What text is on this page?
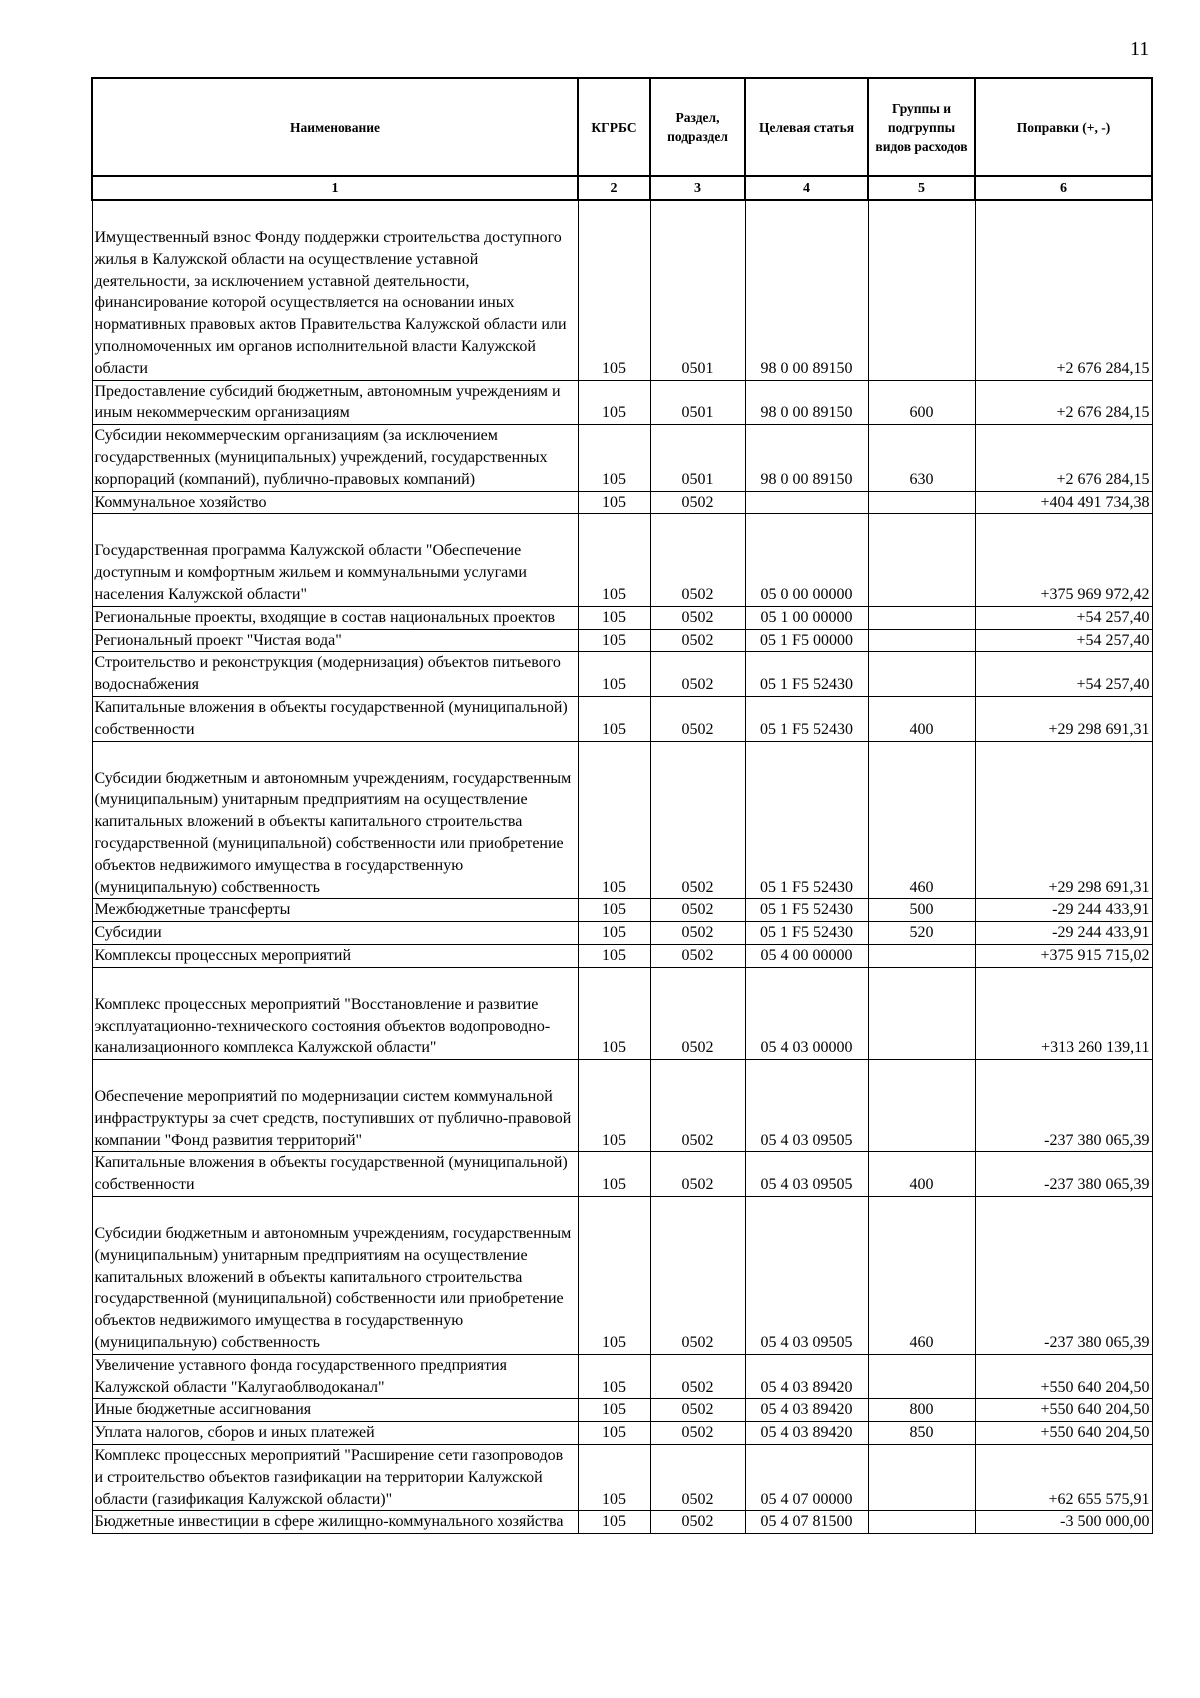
11
Наименование	КГРБС	Раздел, подраздел	Целевая статья	Группы и подгруппы видов расходов	Поправки (+, -)
1	2	3	4	5	6
Имущественный взнос Фонду поддержки строительства доступного жилья в Калужской области на осуществление уставной деятельности, за исключением уставной деятельности, финансирование которой осуществляется на основании иных нормативных правовых актов Правительства Калужской области или уполномоченных им органов исполнительной власти Калужской области	105	0501	98 0 00 89150		+2 676 284,15
Предоставление субсидий бюджетным, автономным учреждениям и иным некоммерческим организациям	105	0501	98 0 00 89150	600	+2 676 284,15
Субсидии некоммерческим организациям (за исключением государственных (муниципальных) учреждений, государственных корпораций (компаний), публично-правовых компаний)	105	0501	98 0 00 89150	630	+2 676 284,15
Коммунальное хозяйство	105	0502			+404 491 734,38
Государственная программа Калужской области "Обеспечение доступным и комфортным жильем и коммунальными услугами населения Калужской области"	105	0502	05 0 00 00000		+375 969 972,42
Региональные проекты, входящие в состав национальных проектов	105	0502	05 1 00 00000		+54 257,40
Региональный проект "Чистая вода"	105	0502	05 1 F5 00000		+54 257,40
Строительство и реконструкция (модернизация) объектов питьевого водоснабжения	105	0502	05 1 F5 52430		+54 257,40
Капитальные вложения в объекты государственной (муниципальной) собственности	105	0502	05 1 F5 52430	400	+29 298 691,31
Субсидии бюджетным и автономным учреждениям, государственным (муниципальным) унитарным предприятиям на осуществление капитальных вложений в объекты капитального строительства государственной (муниципальной) собственности или приобретение объектов недвижимого имущества в государственную (муниципальную) собственность	105	0502	05 1 F5 52430	460	+29 298 691,31
Межбюджетные трансферты	105	0502	05 1 F5 52430	500	-29 244 433,91
Субсидии	105	0502	05 1 F5 52430	520	-29 244 433,91
Комплексы процессных мероприятий	105	0502	05 4 00 00000		+375 915 715,02
Комплекс процессных мероприятий "Восстановление и развитие эксплуатационно-технического состояния объектов водопроводно-канализационного комплекса Калужской области"	105	0502	05 4 03 00000		+313 260 139,11
Обеспечение мероприятий по модернизации систем коммунальной инфраструктуры за счет средств, поступивших от публично-правовой компании "Фонд развития территорий"	105	0502	05 4 03 09505		-237 380 065,39
Капитальные вложения в объекты государственной (муниципальной) собственности	105	0502	05 4 03 09505	400	-237 380 065,39
Субсидии бюджетным и автономным учреждениям, государственным (муниципальным) унитарным предприятиям на осуществление капитальных вложений в объекты капитального строительства государственной (муниципальной) собственности или приобретение объектов недвижимого имущества в государственную (муниципальную) собственность	105	0502	05 4 03 09505	460	-237 380 065,39
Увеличение уставного фонда государственного предприятия Калужской области "Калугаоблводоканал"	105	0502	05 4 03 89420		+550 640 204,50
Иные бюджетные ассигнования	105	0502	05 4 03 89420	800	+550 640 204,50
Уплата налогов, сборов и иных платежей	105	0502	05 4 03 89420	850	+550 640 204,50
Комплекс процессных мероприятий "Расширение сети газопроводов и строительство объектов газификации на территории Калужской области (газификация Калужской области)"	105	0502	05 4 07 00000		+62 655 575,91
Бюджетные инвестиции в сфере жилищно-коммунального хозяйства	105	0502	05 4 07 81500		-3 500 000,00
